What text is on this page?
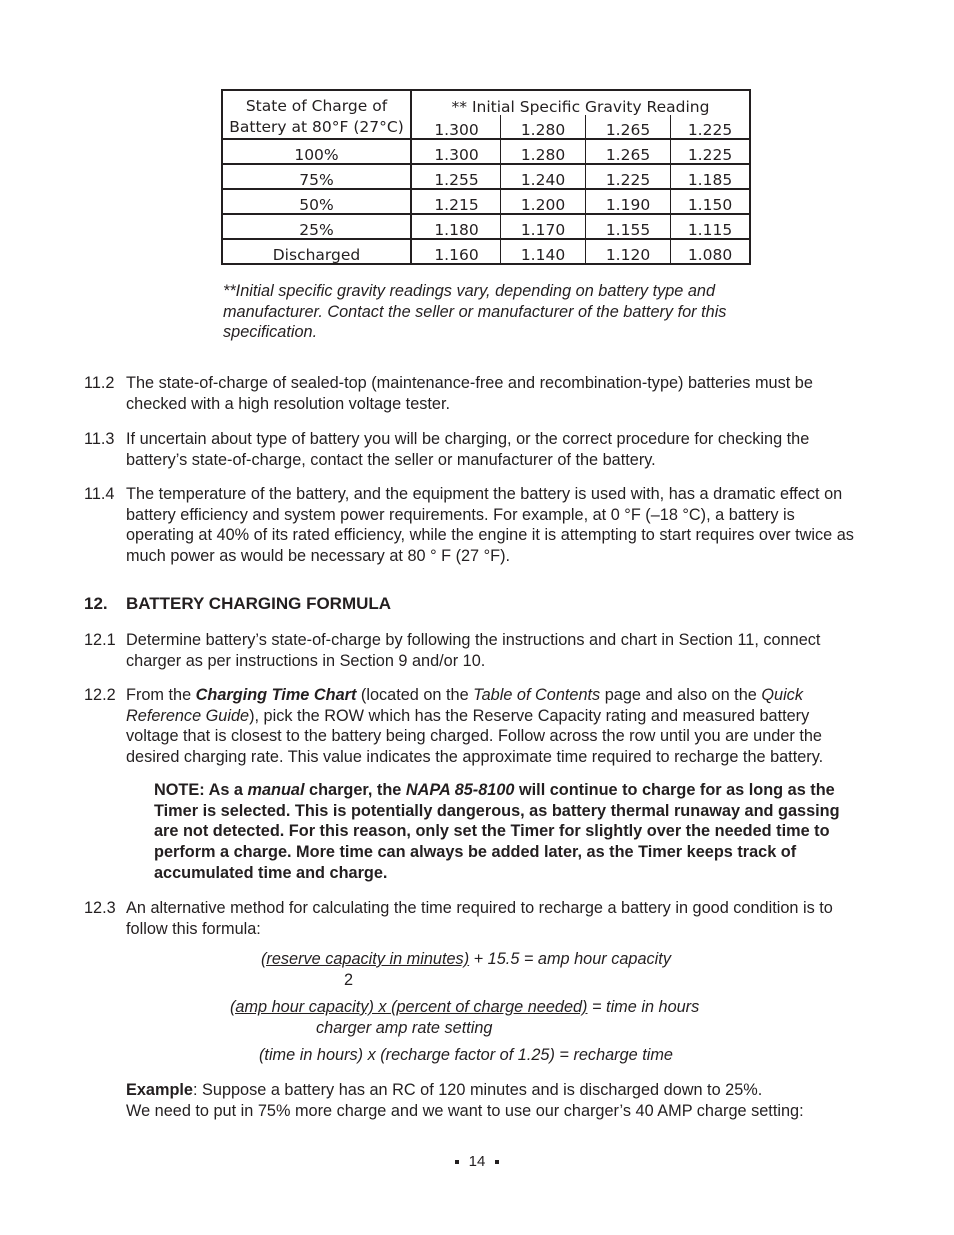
State of Charge of
Battery at 80°F (27°C)
** Initial Specific Gravity Reading
1.300	1.280	1.265	1.225
100%	1.300	1.280	1.265	1.225
75%	1.255	1.240	1.225	1.185
50%	1.215	1.200	1.190	1.150
25%	1.180	1.170	1.155	1.115
Discharged	1.160	1.140	1.120	1.080
**Initial specific gravity readings vary, depending on battery type and manufacturer. Contact the seller or manufacturer of the battery for this specification.
11.2 The state-of-charge of sealed-top (maintenance-free and recombination-type) batteries must be checked with a high resolution voltage tester.
11.3 If uncertain about type of battery you will be charging, or the correct procedure for checking the battery’s state-of-charge, contact the seller or manufacturer of the battery.
11.4 The temperature of the battery, and the equipment the battery is used with, has a dramatic effect on battery efficiency and system power requirements. For example, at 0 °F (–18 °C), a battery is operating at 40% of its rated efficiency, while the engine it is attempting to start requires over twice as much power as would be necessary at 80 ° F (27 °F).
12. BATTERY CHARGING FORMULA
12.1 Determine battery’s state-of-charge by following the instructions and chart in Section 11, connect charger as per instructions in Section 9 and/or 10.
12.2 From the Charging Time Chart (located on the Table of Contents page and also on the Quick Reference Guide), pick the ROW which has the Reserve Capacity rating and measured battery voltage that is closest to the battery being charged. Follow across the row until you are under the desired charging rate. This value indicates the approximate time required to recharge the battery.
NOTE: As a manual charger, the NAPA 85-8100 will continue to charge for as long as the Timer is selected. This is potentially dangerous, as battery thermal runaway and gassing are not detected. For this reason, only set the Timer for slightly over the needed time to perform a charge. More time can always be added later, as the Timer keeps track of accumulated time and charge.
12.3 An alternative method for calculating the time required to recharge a battery in good condition is to follow this formula:
(reserve capacity in minutes) + 15.5 = amp hour capacity
2
(amp hour capacity) x (percent of charge needed) = time in hours
charger amp rate setting
(time in hours) x (recharge factor of 1.25) = recharge time
Example: Suppose a battery has an RC of 120 minutes and is discharged down to 25%.
We need to put in 75% more charge and we want to use our charger’s 40 AMP charge setting:
14
